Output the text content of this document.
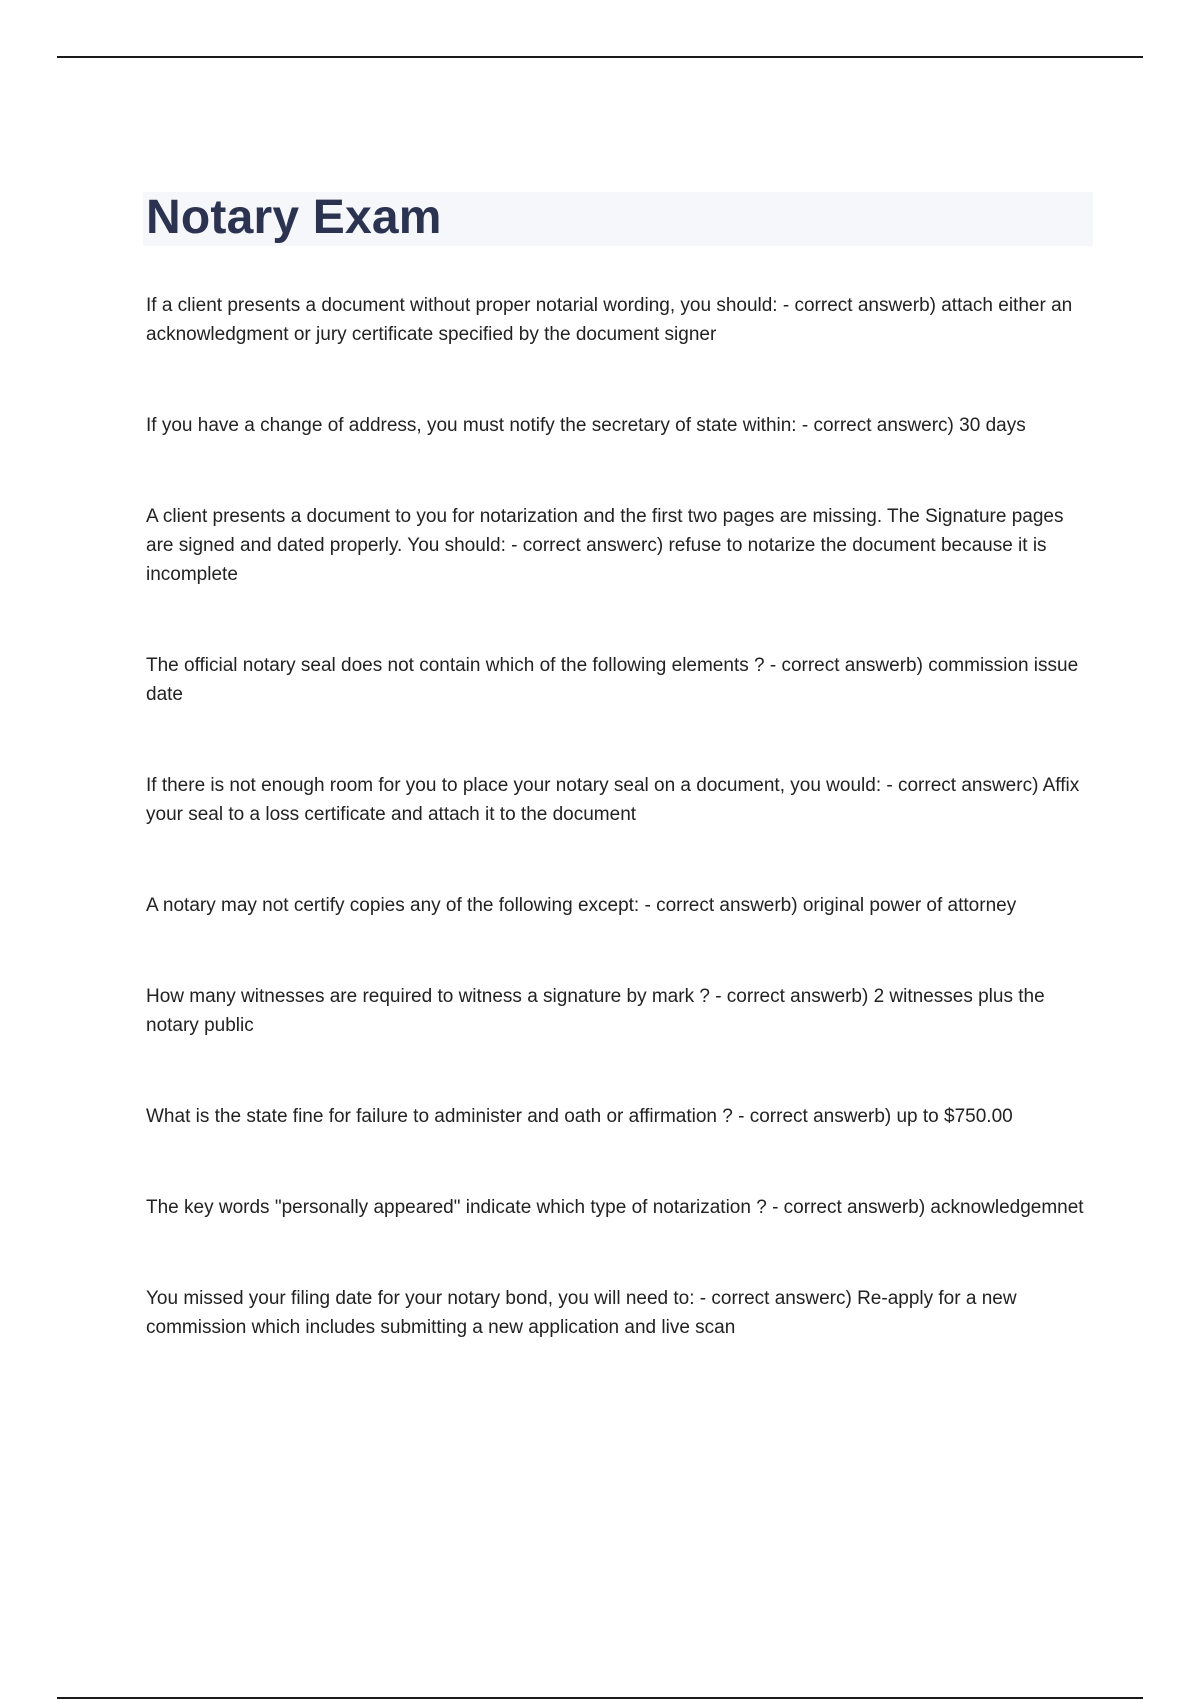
Notary Exam
If a client presents a document without proper notarial wording, you should: - correct answerb) attach either an acknowledgment or jury certificate specified by the document signer
If you have a change of address, you must notify the secretary of state within: - correct answerc) 30 days
A client presents a document to you for notarization and the first two pages are missing. The Signature pages are signed and dated properly. You should: - correct answerc) refuse to notarize the document because it is incomplete
The official notary seal does not contain which of the following elements ? - correct answerb) commission issue date
If there is not enough room for you to place your notary seal on a document, you would: - correct answerc) Affix your seal to a loss certificate and attach it to the document
A notary may not certify copies any of the following except: - correct answerb) original power of attorney
How many witnesses are required to witness a signature by mark ? - correct answerb) 2 witnesses plus the notary public
What is the state fine for failure to administer and oath or affirmation ? - correct answerb) up to $750.00
The key words "personally appeared" indicate which type of notarization ? - correct answerb) acknowledgemnet
You missed your filing date for your notary bond, you will need to: - correct answerc) Re-apply for a new commission which includes submitting a new application and live scan
